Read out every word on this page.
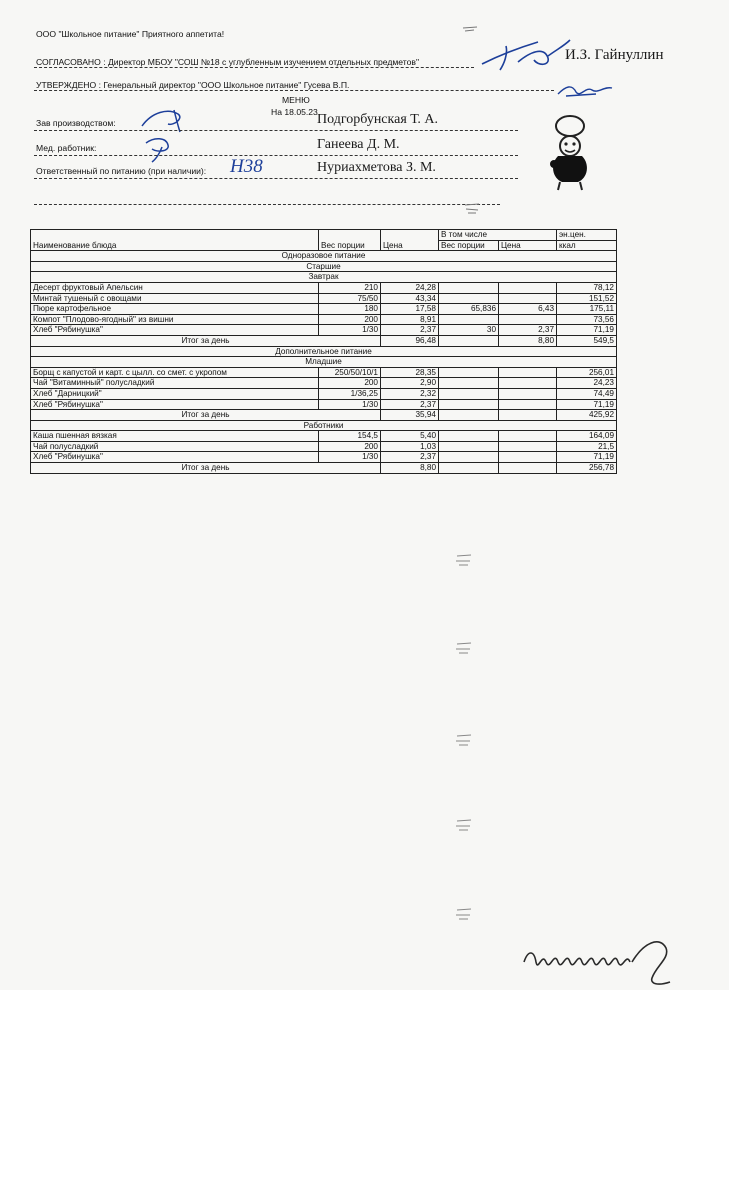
ООО "Школьное питание" Приятного аппетита!
СОГЛАСОВАНО : Директор МБОУ "СОШ №18 с углубленным изучением отдельных предметов"	И.З. Гайнуллин
УТВЕРЖДЕНО : Генеральный директор "ООО Школьное питание" Гусева В.П.
МЕНЮ
На 18.05.23
Зав производством:	Подгорбунская Т. А.
Мед. работник:	Ганеева Д. М.
Ответственный по питанию (при наличии): Н38	Нуриахметова З. М.
Наименование блюда	Вес порции	Цена	В том числе		эн.цен.
			Вес порции	Цена	ккал
Одноразовое питание					
Старшие					
Завтрак					
Десерт фруктовый Апельсин	210	24,28			78,12
Минтай тушеный с овощами	75/50	43,34			151,52
Пюре картофельное	180	17,58	65,836	6,43	175,11
Компот "Плодово-ягодный" из вишни	200	8,91			73,56
Хлеб "Рябинушка"	1/30	2,37	30	2,37	71,19
Итог за день		96,48		8,80	549,5
Дополнительное питание					
Младшие					
Борщ с капустой и карт. с цылл. со смет. с укропом	250/50/10/1	28,35			256,01
Чай "Витаминный" полусладкий	200	2,90			24,23
Хлеб "Дарницкий"	1/36,25	2,32			74,49
Хлеб "Рябинушка"	1/30	2,37			71,19
Итог за день		35,94			425,92
Работники					
Каша пшенная вязкая	154,5	5,40			164,09
Чай полусладкий	200	1,03			21,5
Хлеб "Рябинушка"	1/30	2,37			71,19
Итог за день		8,80			256,78
